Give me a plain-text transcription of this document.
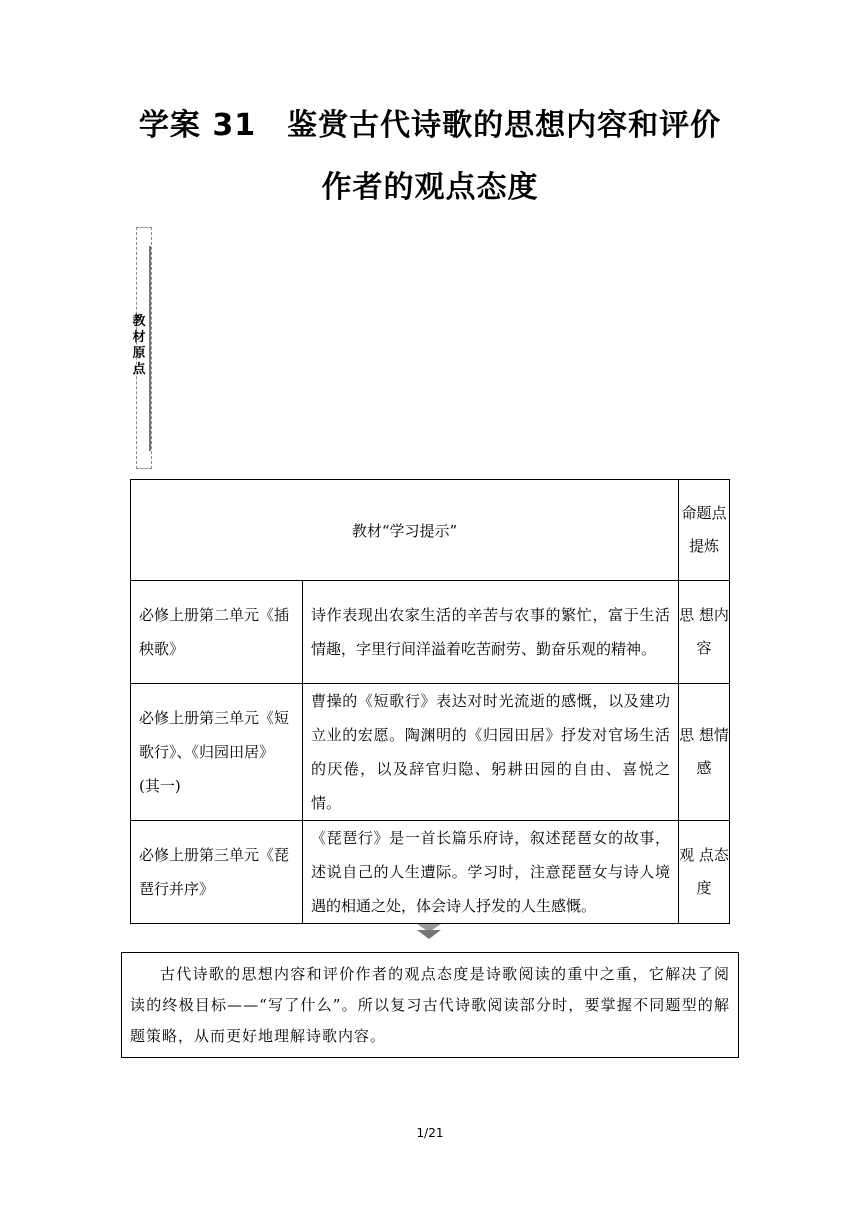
学案 31　鉴赏古代诗歌的思想内容和评价
作者的观点态度
教材原点
教材“学习提示”		命题点提炼
必修上册第二单元《插秧歌》	诗作表现出农家生活的辛苦与农事的繁忙，富于生活情趣，字里行间洋溢着吃苦耐劳、勤奋乐观的精神。	思 想内容
必修上册第三单元《短歌行》、《归园田居》(其一)	曹操的《短歌行》表达对时光流逝的感慨，以及建功立业的宏愿。陶渊明的《归园田居》抒发对官场生活的厌倦，以及辞官归隐、躬耕田园的自由、喜悦之情。	思 想情感
必修上册第三单元《琵琶行并序》	《琵琶行》是一首长篇乐府诗，叙述琵琶女的故事，述说自己的人生遭际。学习时，注意琵琶女与诗人境遇的相通之处，体会诗人抒发的人生感慨。	观 点态度
古代诗歌的思想内容和评价作者的观点态度是诗歌阅读的重中之重，它解决了阅读的终极目标——“写了什么”。所以复习古代诗歌阅读部分时，要掌握不同题型的解题策略，从而更好地理解诗歌内容。
1/21
